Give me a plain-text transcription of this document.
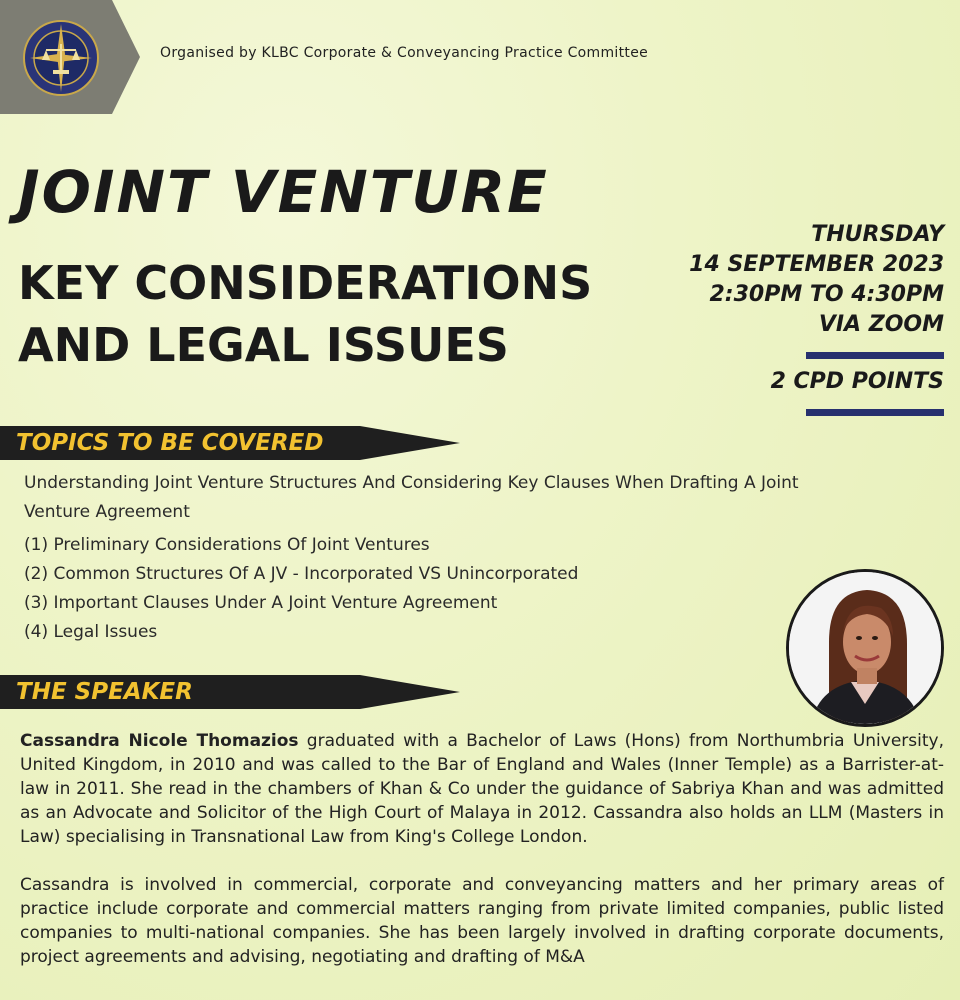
Organised by KLBC Corporate & Conveyancing Practice Committee
JOINT VENTURE
KEY CONSIDERATIONS
AND LEGAL ISSUES
THURSDAY
14 SEPTEMBER 2023
2:30PM TO 4:30PM
VIA ZOOM
2 CPD POINTS
TOPICS TO BE COVERED
Understanding Joint Venture Structures And Considering Key Clauses When Drafting A Joint Venture Agreement
(1) Preliminary Considerations Of Joint Ventures
(2) Common Structures Of A JV - Incorporated VS Unincorporated
(3) Important Clauses Under A Joint Venture Agreement
(4) Legal Issues
THE SPEAKER

Cassandra Nicole Thomazios graduated with a Bachelor of Laws (Hons) from Northumbria University, United Kingdom, in 2010 and was called to the Bar of England and Wales (Inner Temple) as a Barrister-at-law in 2011. She read in the chambers of Khan & Co under the guidance of Sabriya Khan and was admitted as an Advocate and Solicitor of the High Court of Malaya in 2012. Cassandra also holds an LLM (Masters in Law) specialising in Transnational Law from King's College London.

Cassandra is involved in commercial, corporate and conveyancing matters and her primary areas of practice include corporate and commercial matters ranging from private limited companies, public listed companies to multi-national companies. She has been largely involved in drafting corporate documents, project agreements and advising, negotiating and drafting of M&A
